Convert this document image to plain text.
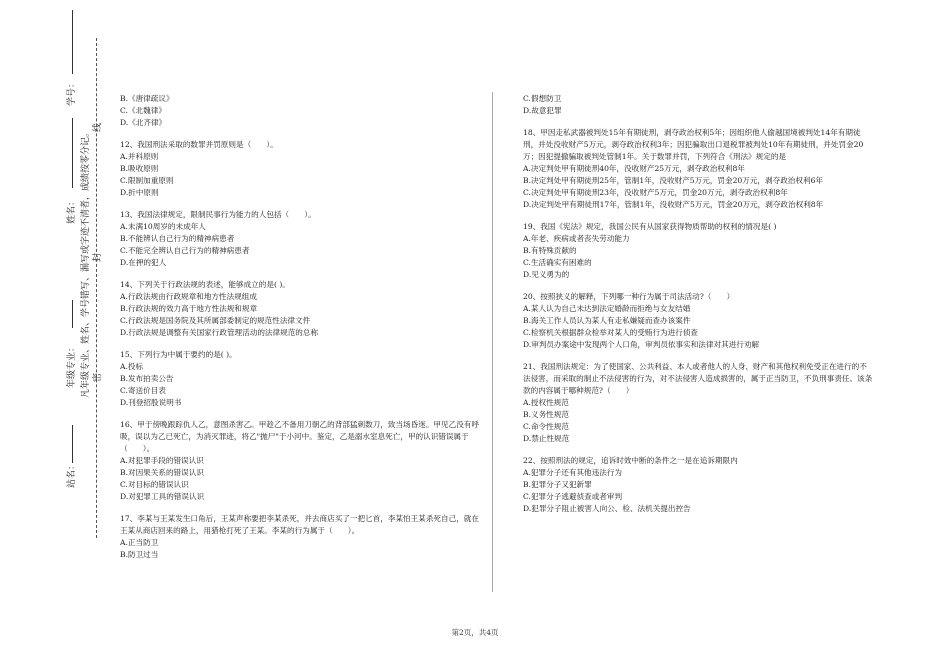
学号：
姓名：
年级专业：
站名：
凡年级专业、姓名、学号错写、漏写或字迹不清者，成绩按零分记。 密
封
线
B.《唐律疏议》
C.《北魏律》
D.《北齐律》
12、我国刑法采取的数罪并罚原则是（　　）。
A.并科原则
B.吸收原则
C.限制加重原则
D.折中原则
13、我国法律规定，限制民事行为能力的人包括（　　）。
A.未满10周岁的未成年人
B.不能辨认自己行为的精神病患者
C.不能完全辨认自己行为的精神病患者
D.在押的犯人
14、下列关于行政法规的表述，能够成立的是( )。
A.行政法规由行政规章和地方性法规组成
B.行政法规的效力高于地方性法规和规章
C.行政法规是国务院及其所属部委制定的规范性法律文件
D.行政法规是调整有关国家行政管理活动的法律规范的总称
15、下列行为中属于要约的是( )。
A.投标
B.发布拍卖公告
C.寄送价目表
D.刊登招股说明书
16、甲于傍晚跟踪仇人乙，意图杀害乙。甲趁乙不备用刀朝乙的背部猛刺数刀，致当场昏迷。甲见乙没有呼吸，误以为乙已死亡，为消灭罪迹，将乙"抛尸"于小河中。鉴定，乙是溺水室息死亡，甲的认识错误属于（　　）。
A.对犯罪手段的错误认识
B.对因果关系的错误认识
C.对目标的错误认识
D.对犯罪工具的错误认识
17、李某与王某发生口角后，王某声称要把李某杀死，并去商店买了一把匕首，李某怕王某杀死自己，就在王某从商店回来的路上，用猎枪打死了王某。李某的行为属于（　　）。
A.正当防卫
B.防卫过当
C.假想防卫
D.故意犯罪
18、甲因走私武器被判处15年有期徒刑，剥夺政治权利5年；因组织他人偷越国境被判处14年有期徒刑，并处没收财产5万元，剥夺政治权利3年；因犯骗取出口退税罪被判处10年有期徒刑，并处罚金20万；因犯提撤骗取被判处管制1年。关于数罪并罚，下列符合《刑法》规定的是
A.决定判处甲有期徒刑40年，没收财产25万元，剥夺政治权利8年
B.决定判处甲有期徒刑25年，管制1年，没收财产5万元，罚金20万元，剥夺政治权利6年
C.决定判处甲有期徒刑23年，没收财产5万元，罚金20万元，剥夺政治权利8年
D.决定判处甲有期徒刑17年，管制1年，没收财产5万元，罚金20万元，剥夺政治权利8年
19、我国《宪法》规定，我国公民有从国家获得物质帮助的权利的情况是( )
A.年老、疾病或者丧失劳动能力
B.有特殊贡献的
C.生活确实有困难的
D.见义勇为的
20、按照狭义的解释，下列哪一种行为属于司法活动?（　　）
A.某人认为自己未达到法定婚龄而拒绝与女友结婚
B.海关工作人员认为某人有走私嫌疑而查办该案件
C.检察机关根据群众检举对某人的受贿行为进行侦查
D.审判员办案途中发现两个人口角，审判员依事实和法律对其进行劝解
21、我国刑法规定：为了使国家、公共利益、本人或者他人的人身、财产和其他权利免受正在进行的不法侵害，而采取的制止不法侵害的行为，对不法侵害人造成损害的，属于正当防卫，不负刑事责任。该条款的内容属于哪种规范?（　　）
A.授权性规范
B.义务性规范
C.命令性规范
D.禁止性规范
22、按照刑法的规定，追诉时效中断的条件之一是在追诉期限内
A.犯罪分子还有其他违法行为
B.犯罪分子又犯新罪
C.犯罪分子逃避侦查或者审判
D.犯罪分子阻止被害人向公、检、法机关提出控告
第2页，共4页
